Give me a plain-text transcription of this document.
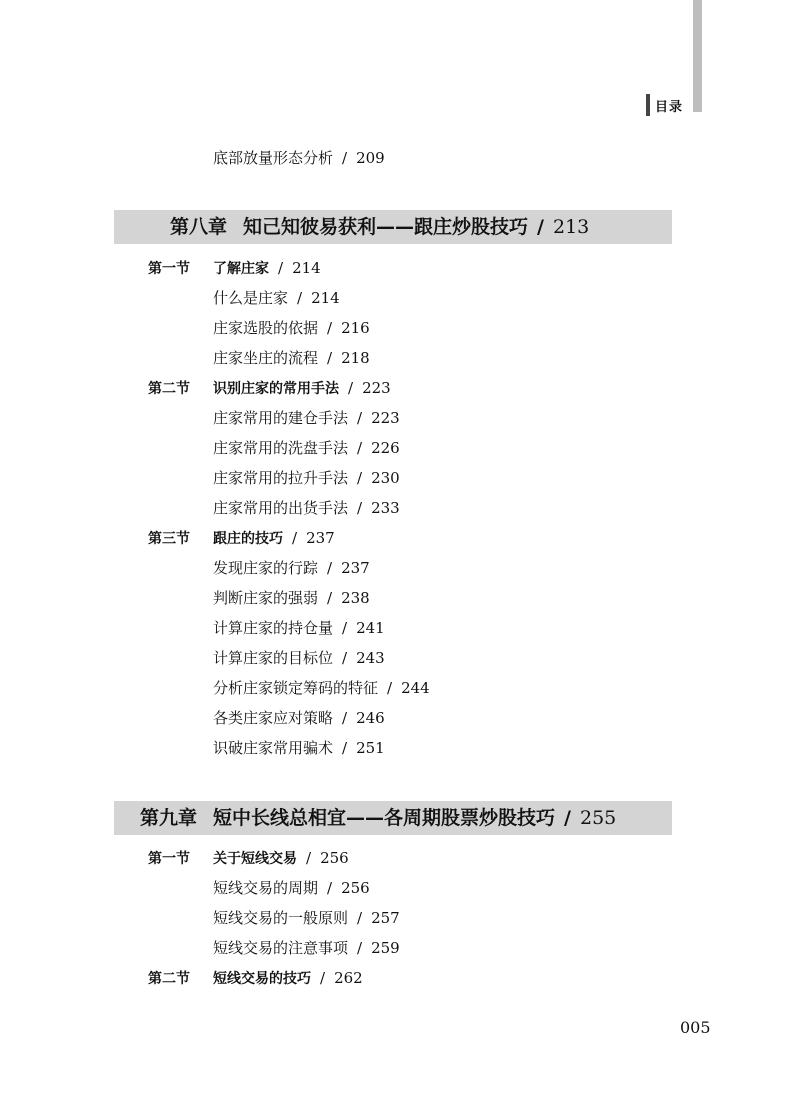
目录
底部放量形态分析 / 209
第八章 知己知彼易获利——跟庄炒股技巧 / 213
第一节 了解庄家 / 214
什么是庄家 / 214
庄家选股的依据 / 216
庄家坐庄的流程 / 218
第二节 识别庄家的常用手法 / 223
庄家常用的建仓手法 / 223
庄家常用的洗盘手法 / 226
庄家常用的拉升手法 / 230
庄家常用的出货手法 / 233
第三节 跟庄的技巧 / 237
发现庄家的行踪 / 237
判断庄家的强弱 / 238
计算庄家的持仓量 / 241
计算庄家的目标位 / 243
分析庄家锁定筹码的特征 / 244
各类庄家应对策略 / 246
识破庄家常用骗术 / 251
第九章 短中长线总相宜——各周期股票炒股技巧 / 255
第一节 关于短线交易 / 256
短线交易的周期 / 256
短线交易的一般原则 / 257
短线交易的注意事项 / 259
第二节 短线交易的技巧 / 262
005
